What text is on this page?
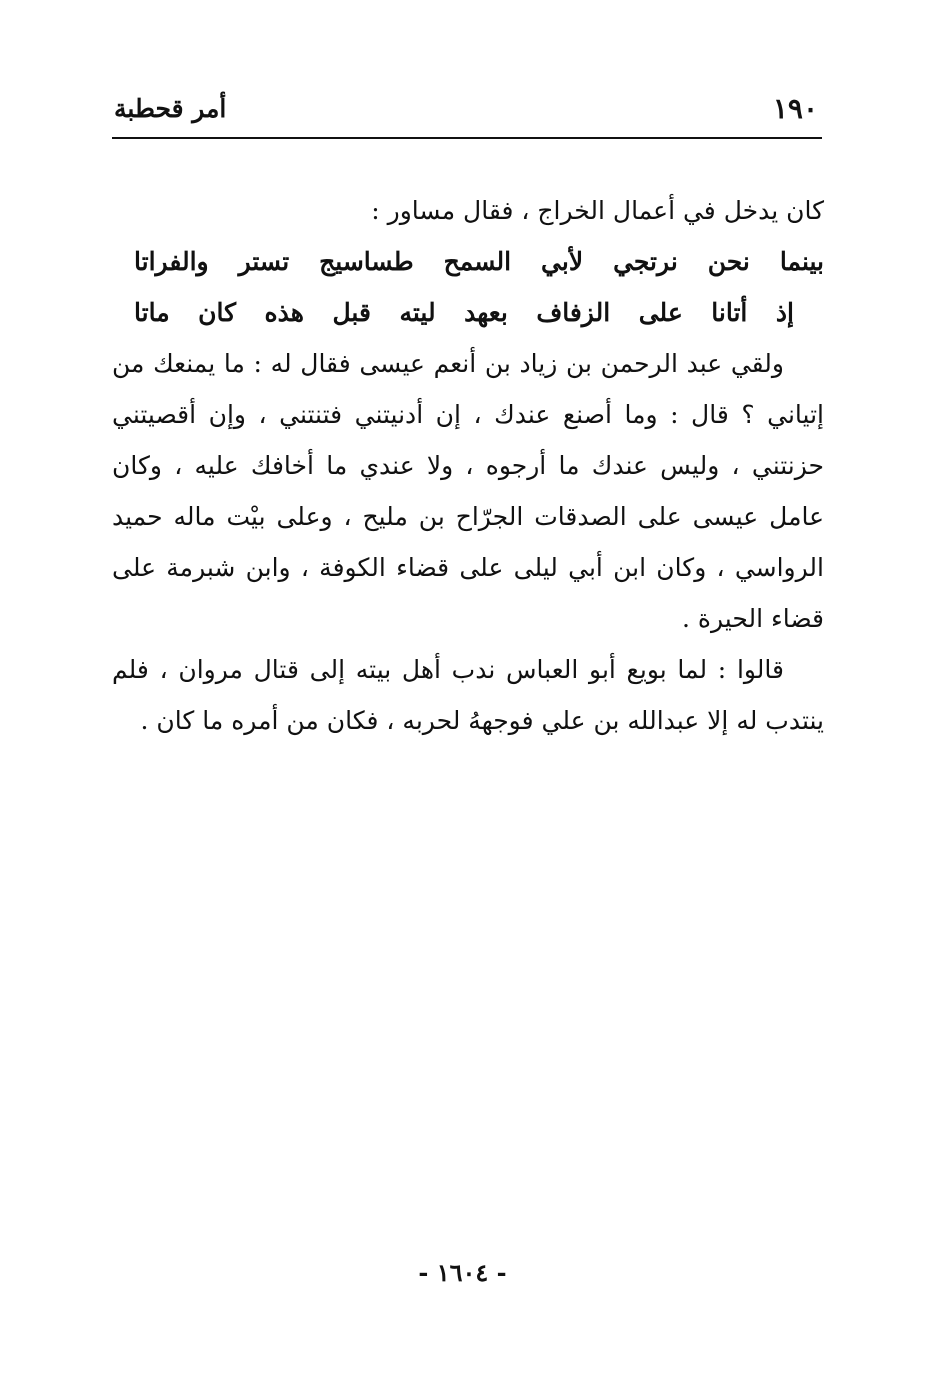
١٩٠
أمر قحطبة

كان يدخل في أعمال الخراج ، فقال مساور :

بينما نحن نرتجي لأبي السمح طساسيج تستر والفراتا

إذ أتانا على الزفاف بعهد ليته قبل هذه كان ماتا

ولقي عبد الرحمن بن زياد بن أنعم عيسى فقال له : ما يمنعك من إتياني ؟ قال : وما أصنع عندك ، إن أدنيتني فتنتني ، وإن أقصيتني حزنتني ، وليس عندك ما أرجوه ، ولا عندي ما أخافك عليه ، وكان عامل عيسى على الصدقات الجرّاح بن مليح ، وعلى بيْت ماله حميد الرواسي ، وكان ابن أبي ليلى على قضاء الكوفة ، وابن شبرمة على قضاء الحيرة .

قالوا : لما بويع أبو العباس ندب أهل بيته إلى قتال مروان ، فلم ينتدب له إلا عبدالله بن علي فوجههُ لحربه ، فكان من أمره ما كان .

- ١٦٠٤ -
